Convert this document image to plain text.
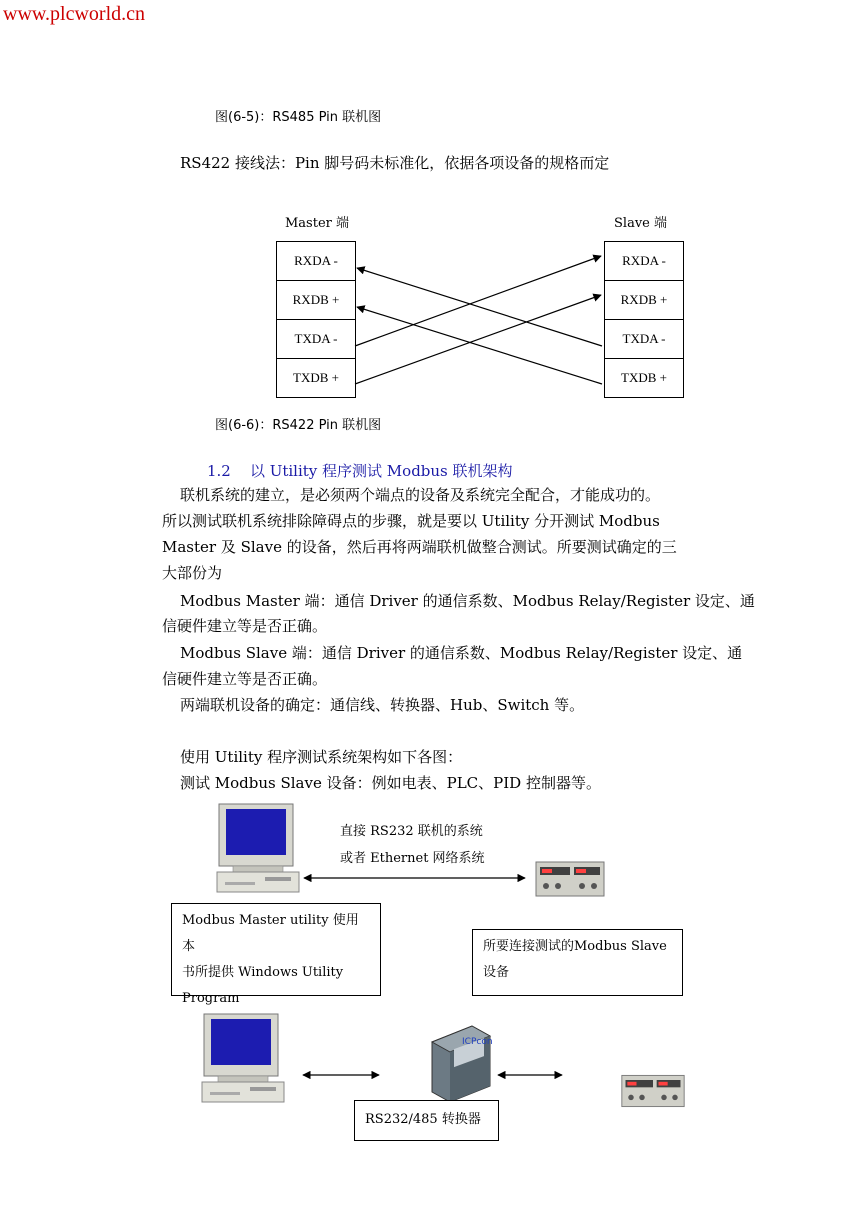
www.plcworld.cn
图(6-5)：RS485 Pin 联机图
RS422 接线法：Pin 脚号码未标准化，依据各项设备的规格而定
Master 端	Slave 端
RXDA -
RXDB +
TXDA -
TXDB +
RXDA -
RXDB +
TXDA -
TXDB +
图(6-6)：RS422 Pin 联机图
1.2 以 Utility 程序测试 Modbus 联机架构
联机系统的建立，是必须两个端点的设备及系统完全配合，才能成功的。
所以测试联机系统排除障碍点的步骤，就是要以 Utility 分开测试 Modbus
Master 及 Slave 的设备，然后再将两端联机做整合测试。所要测试确定的三
大部份为
Modbus Master 端：通信 Driver 的通信系数、Modbus Relay/Register 设定、通
信硬件建立等是否正确。
Modbus Slave 端：通信 Driver 的通信系数、Modbus Relay/Register 设定、通
信硬件建立等是否正确。
两端联机设备的确定：通信线、转换器、Hub、Switch 等。
使用 Utility 程序测试系统架构如下各图：
测试 Modbus Slave 设备：例如电表、PLC、PID 控制器等。
直接 RS232 联机的系统
或者 Ethernet 网络系统
Modbus Master utility 使用本
书所提供 Windows Utility
Program
所要连接测试的Modbus Slave
设备
ICPcon
RS232/485 转换器
